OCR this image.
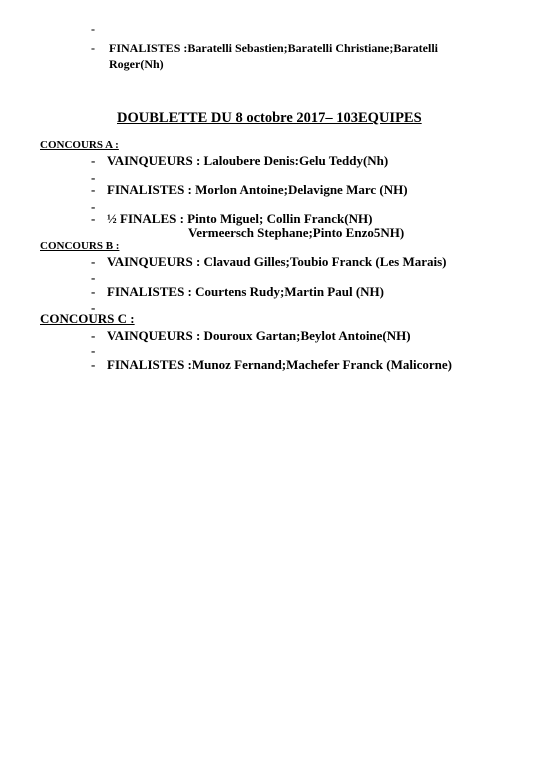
-
- FINALISTES :Baratelli Sebastien;Baratelli Christiane;Baratelli
Roger(Nh)
DOUBLETTE DU 8 octobre 2017– 103EQUIPES
CONCOURS A :
- VAINQUEURS : Laloubere Denis:Gelu Teddy(Nh)
-
- FINALISTES : Morlon Antoine;Delavigne Marc (NH)
-
- ½ FINALES : Pinto Miguel; Collin Franck(NH)
Vermeersch Stephane;Pinto Enzo5NH)
CONCOURS B :
- VAINQUEURS : Clavaud Gilles;Toubio Franck (Les Marais)
-
- FINALISTES : Courtens Rudy;Martin Paul (NH)
-
CONCOURS C :
- VAINQUEURS : Douroux Gartan;Beylot Antoine(NH)
-
- FINALISTES :Munoz Fernand;Machefer Franck (Malicorne)
